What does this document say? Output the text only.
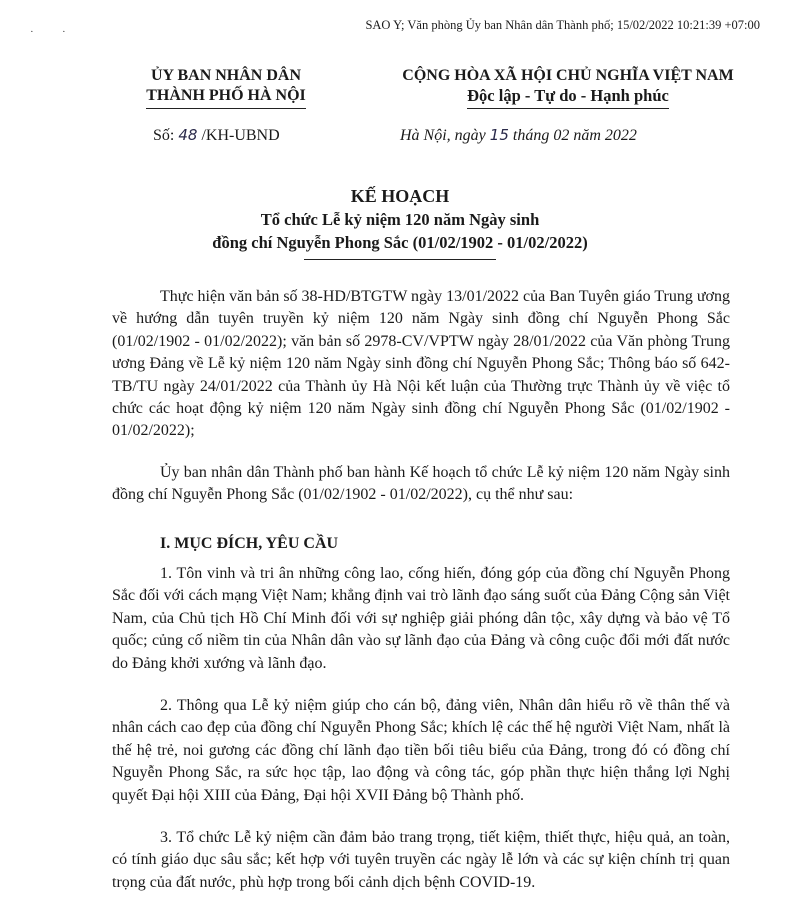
SAO Y; Văn phòng Ủy ban Nhân dân Thành phố; 15/02/2022 10:21:39 +07:00
·	·
ỦY BAN NHÂN DÂN
THÀNH PHỐ HÀ NỘI
CỘNG HÒA XÃ HỘI CHỦ NGHĨA VIỆT NAM
Độc lập - Tự do - Hạnh phúc
Số: 48 /KH-UBND	Hà Nội, ngày 15 tháng 02 năm 2022
KẾ HOẠCH
Tổ chức Lễ kỷ niệm 120 năm Ngày sinh
đồng chí Nguyễn Phong Sắc (01/02/1902 - 01/02/2022)

Thực hiện văn bản số 38-HD/BTGTW ngày 13/01/2022 của Ban Tuyên giáo Trung ương về hướng dẫn tuyên truyền kỷ niệm 120 năm Ngày sinh đồng chí Nguyễn Phong Sắc (01/02/1902 - 01/02/2022); văn bản số 2978-CV/VPTW ngày 28/01/2022 của Văn phòng Trung ương Đảng về Lễ kỷ niệm 120 năm Ngày sinh đồng chí Nguyễn Phong Sắc; Thông báo số 642-TB/TU ngày 24/01/2022 của Thành ủy Hà Nội kết luận của Thường trực Thành ủy về việc tổ chức các hoạt động kỷ niệm 120 năm Ngày sinh đồng chí Nguyễn Phong Sắc (01/02/1902 - 01/02/2022);

Ủy ban nhân dân Thành phố ban hành Kế hoạch tổ chức Lễ kỷ niệm 120 năm Ngày sinh đồng chí Nguyễn Phong Sắc (01/02/1902 - 01/02/2022), cụ thể như sau:

I. MỤC ĐÍCH, YÊU CẦU

1. Tôn vinh và tri ân những công lao, cống hiến, đóng góp của đồng chí Nguyễn Phong Sắc đối với cách mạng Việt Nam; khẳng định vai trò lãnh đạo sáng suốt của Đảng Cộng sản Việt Nam, của Chủ tịch Hồ Chí Minh đối với sự nghiệp giải phóng dân tộc, xây dựng và bảo vệ Tổ quốc; củng cố niềm tin của Nhân dân vào sự lãnh đạo của Đảng và công cuộc đổi mới đất nước do Đảng khởi xướng và lãnh đạo.

2. Thông qua Lễ kỷ niệm giúp cho cán bộ, đảng viên, Nhân dân hiểu rõ về thân thế và nhân cách cao đẹp của đồng chí Nguyễn Phong Sắc; khích lệ các thế hệ người Việt Nam, nhất là thế hệ trẻ, noi gương các đồng chí lãnh đạo tiền bối tiêu biểu của Đảng, trong đó có đồng chí Nguyễn Phong Sắc, ra sức học tập, lao động và công tác, góp phần thực hiện thắng lợi Nghị quyết Đại hội XIII của Đảng, Đại hội XVII Đảng bộ Thành phố.

3. Tổ chức Lễ kỷ niệm cần đảm bảo trang trọng, tiết kiệm, thiết thực, hiệu quả, an toàn, có tính giáo dục sâu sắc; kết hợp với tuyên truyền các ngày lễ lớn và các sự kiện chính trị quan trọng của đất nước, phù hợp trong bối cảnh dịch bệnh COVID-19.
